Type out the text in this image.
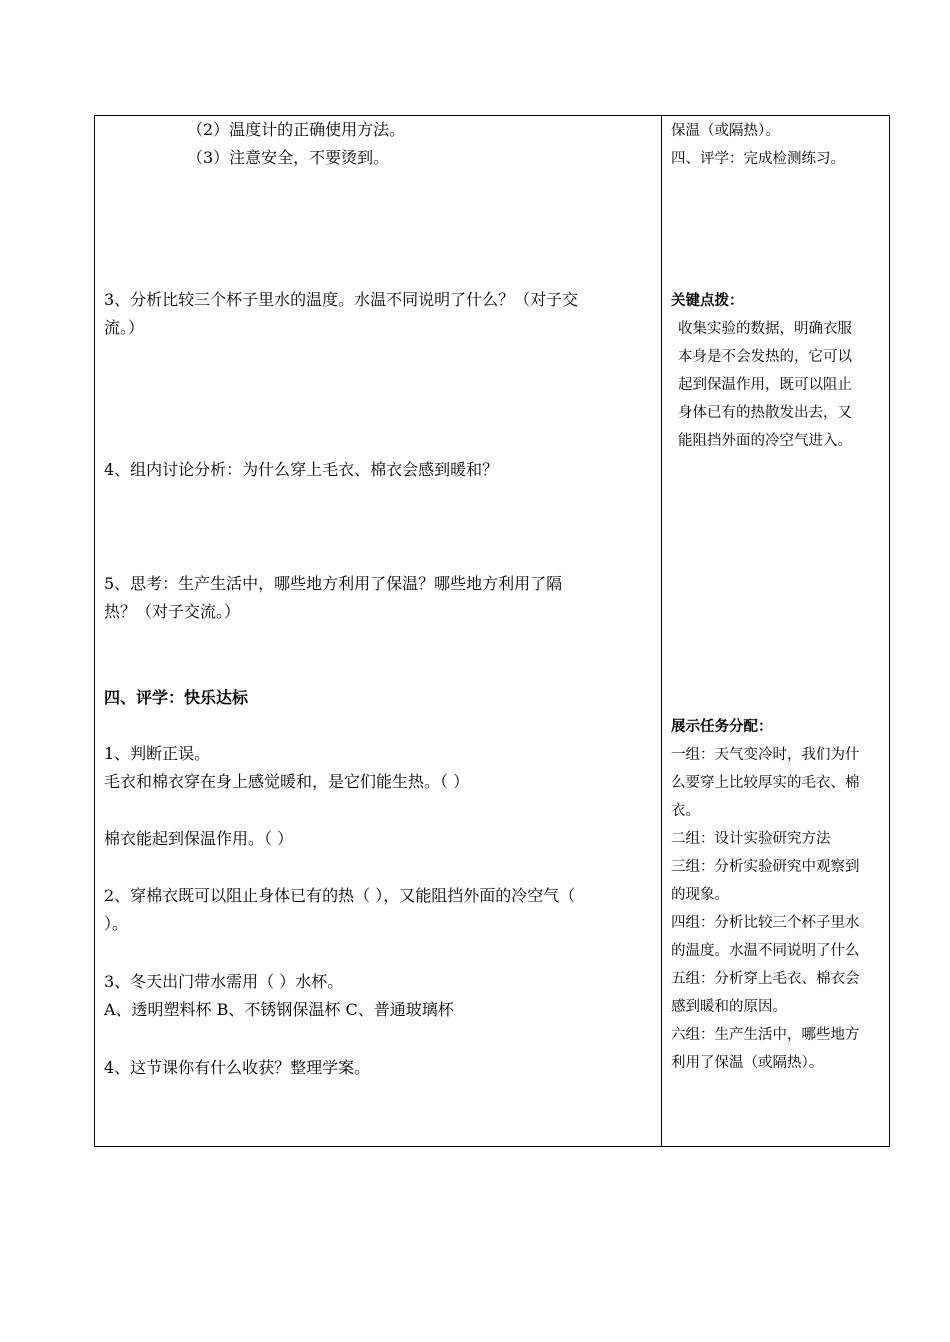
（2）温度计的正确使用方法。
（3）注意安全，不要烫到。
3、分析比较三个杯子里水的温度。水温不同说明了什么？（对子交
流。）
4、组内讨论分析：为什么穿上毛衣、棉衣会感到暖和？
5、思考：生产生活中，哪些地方利用了保温？哪些地方利用了隔
热？（对子交流。）
四、评学：快乐达标
1、判断正误。
毛衣和棉衣穿在身上感觉暖和，是它们能生热。（ ）
棉衣能起到保温作用。（ ）
2、穿棉衣既可以阻止身体已有的热（ ），又能阻挡外面的冷空气（
）。
3、冬天出门带水需用（ ）水杯。
A、透明塑料杯 B、不锈钢保温杯 C、普通玻璃杯
4、这节课你有什么收获？整理学案。
保温（或隔热）。
四、评学：完成检测练习。
关键点拨：
收集实验的数据，明确衣服
本身是不会发热的，它可以
起到保温作用，既可以阻止
身体已有的热散发出去，又
能阻挡外面的冷空气进入。
展示任务分配：
一组：天气变冷时，我们为什
么要穿上比较厚实的毛衣、棉
衣。
二组：设计实验研究方法
三组：分析实验研究中观察到
的现象。
四组：分析比较三个杯子里水
的温度。水温不同说明了什么
五组：分析穿上毛衣、棉衣会
感到暖和的原因。
六组：生产生活中，哪些地方
利用了保温（或隔热）。
